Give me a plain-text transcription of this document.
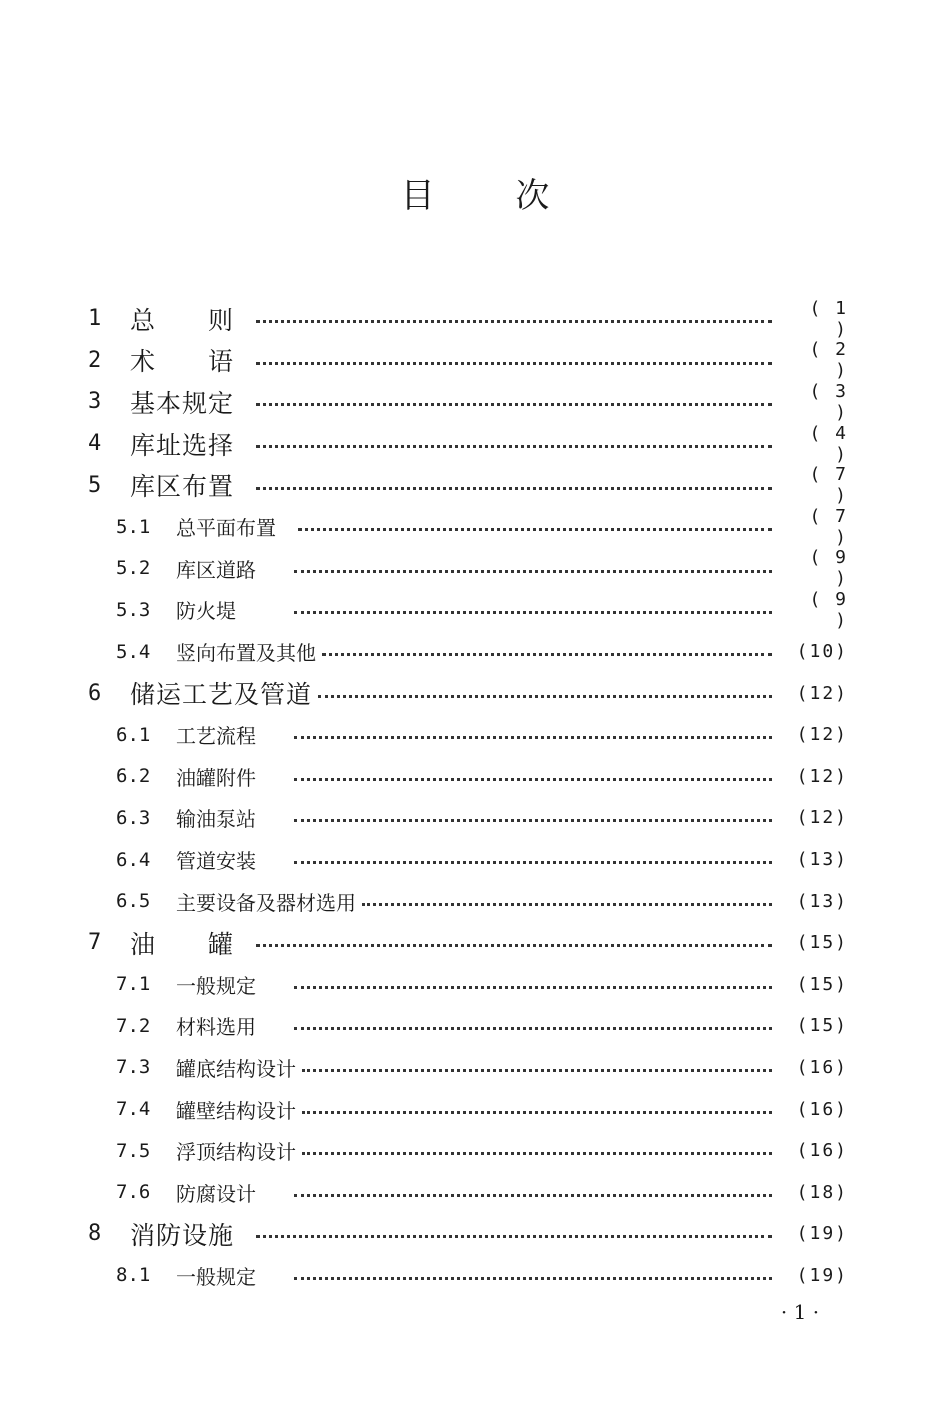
目 次
1	总 则	( 1 )
2	术 语	( 2 )
3	基本规定	( 3 )
4	库址选择	( 4 )
5	库区布置	( 7 )
5.1	总平面布置	( 7 )
5.2	库区道路	( 9 )
5.3	防火堤	( 9 )
5.4	竖向布置及其他	(10)
6	储运工艺及管道	(12)
6.1	工艺流程	(12)
6.2	油罐附件	(12)
6.3	输油泵站	(12)
6.4	管道安装	(13)
6.5	主要设备及器材选用	(13)
7	油 罐	(15)
7.1	一般规定	(15)
7.2	材料选用	(15)
7.3	罐底结构设计	(16)
7.4	罐壁结构设计	(16)
7.5	浮顶结构设计	(16)
7.6	防腐设计	(18)
8	消防设施	(19)
8.1	一般规定	(19)
· 1 ·
